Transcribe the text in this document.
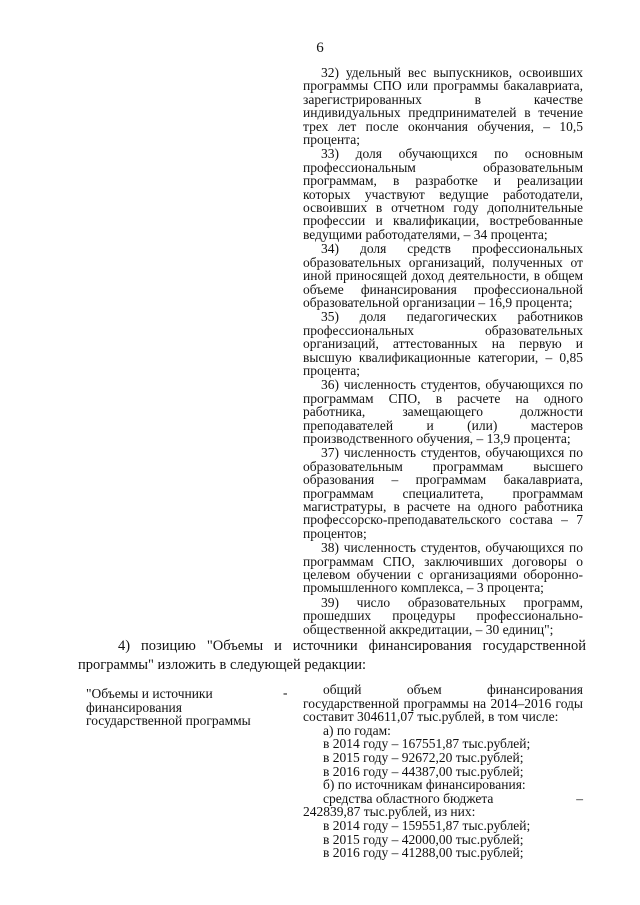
6

32) удельный вес выпускников, освоивших программы СПО или программы бакалавриата, зарегистрированных в качестве индивидуальных предпринимателей в течение трех лет после окончания обучения, – 10,5 процента;

33) доля обучающихся по основным профессиональным образовательным программам, в разработке и реализации которых участвуют ведущие работодатели, освоивших в отчетном году дополнительные профессии и квалификации, востребованные ведущими работодателями, – 34 процента;

34) доля средств профессиональных образовательных организаций, полученных от иной приносящей доход деятельности, в общем объеме финансирования профессиональной образовательной организации – 16,9 процента;

35) доля педагогических работников профессиональных образовательных организаций, аттестованных на первую и высшую квалификационные категории, – 0,85 процента;

36) численность студентов, обучающихся по программам СПО, в расчете на одного работника, замещающего должности преподавателей и (или) мастеров производственного обучения, – 13,9 процента;

37) численность студентов, обучающихся по образовательным программам высшего образования – программам бакалавриата, программам специалитета, программам магистратуры, в расчете на одного работника профессорско-преподавательского состава – 7 процентов;

38) численность студентов, обучающихся по программам СПО, заключивших договоры о целевом обучении с организациями оборонно-промышленного комплекса, – 3 процента;

39) число образовательных программ, прошедших процедуры профессионально-общественной аккредитации, – 30 единиц";

4) позицию "Объемы и источники финансирования государственной программы" изложить в следующей редакции:

"Объемы и источники финансирования государственной программы
-	общий объем финансирования государственной программы на 2014–2016 годы составит 304611,07 тыс.рублей, в том числе:
а) по годам:
в 2014 году – 167551,87 тыс.рублей;
в 2015 году – 92672,20 тыс.рублей;
в 2016 году – 44387,00 тыс.рублей;
б) по источникам финансирования:
средства областного бюджета	–
242839,87 тыс.рублей, из них:
в 2014 году – 159551,87 тыс.рублей;
в 2015 году – 42000,00 тыс.рублей;
в 2016 году – 41288,00 тыс.рублей;
